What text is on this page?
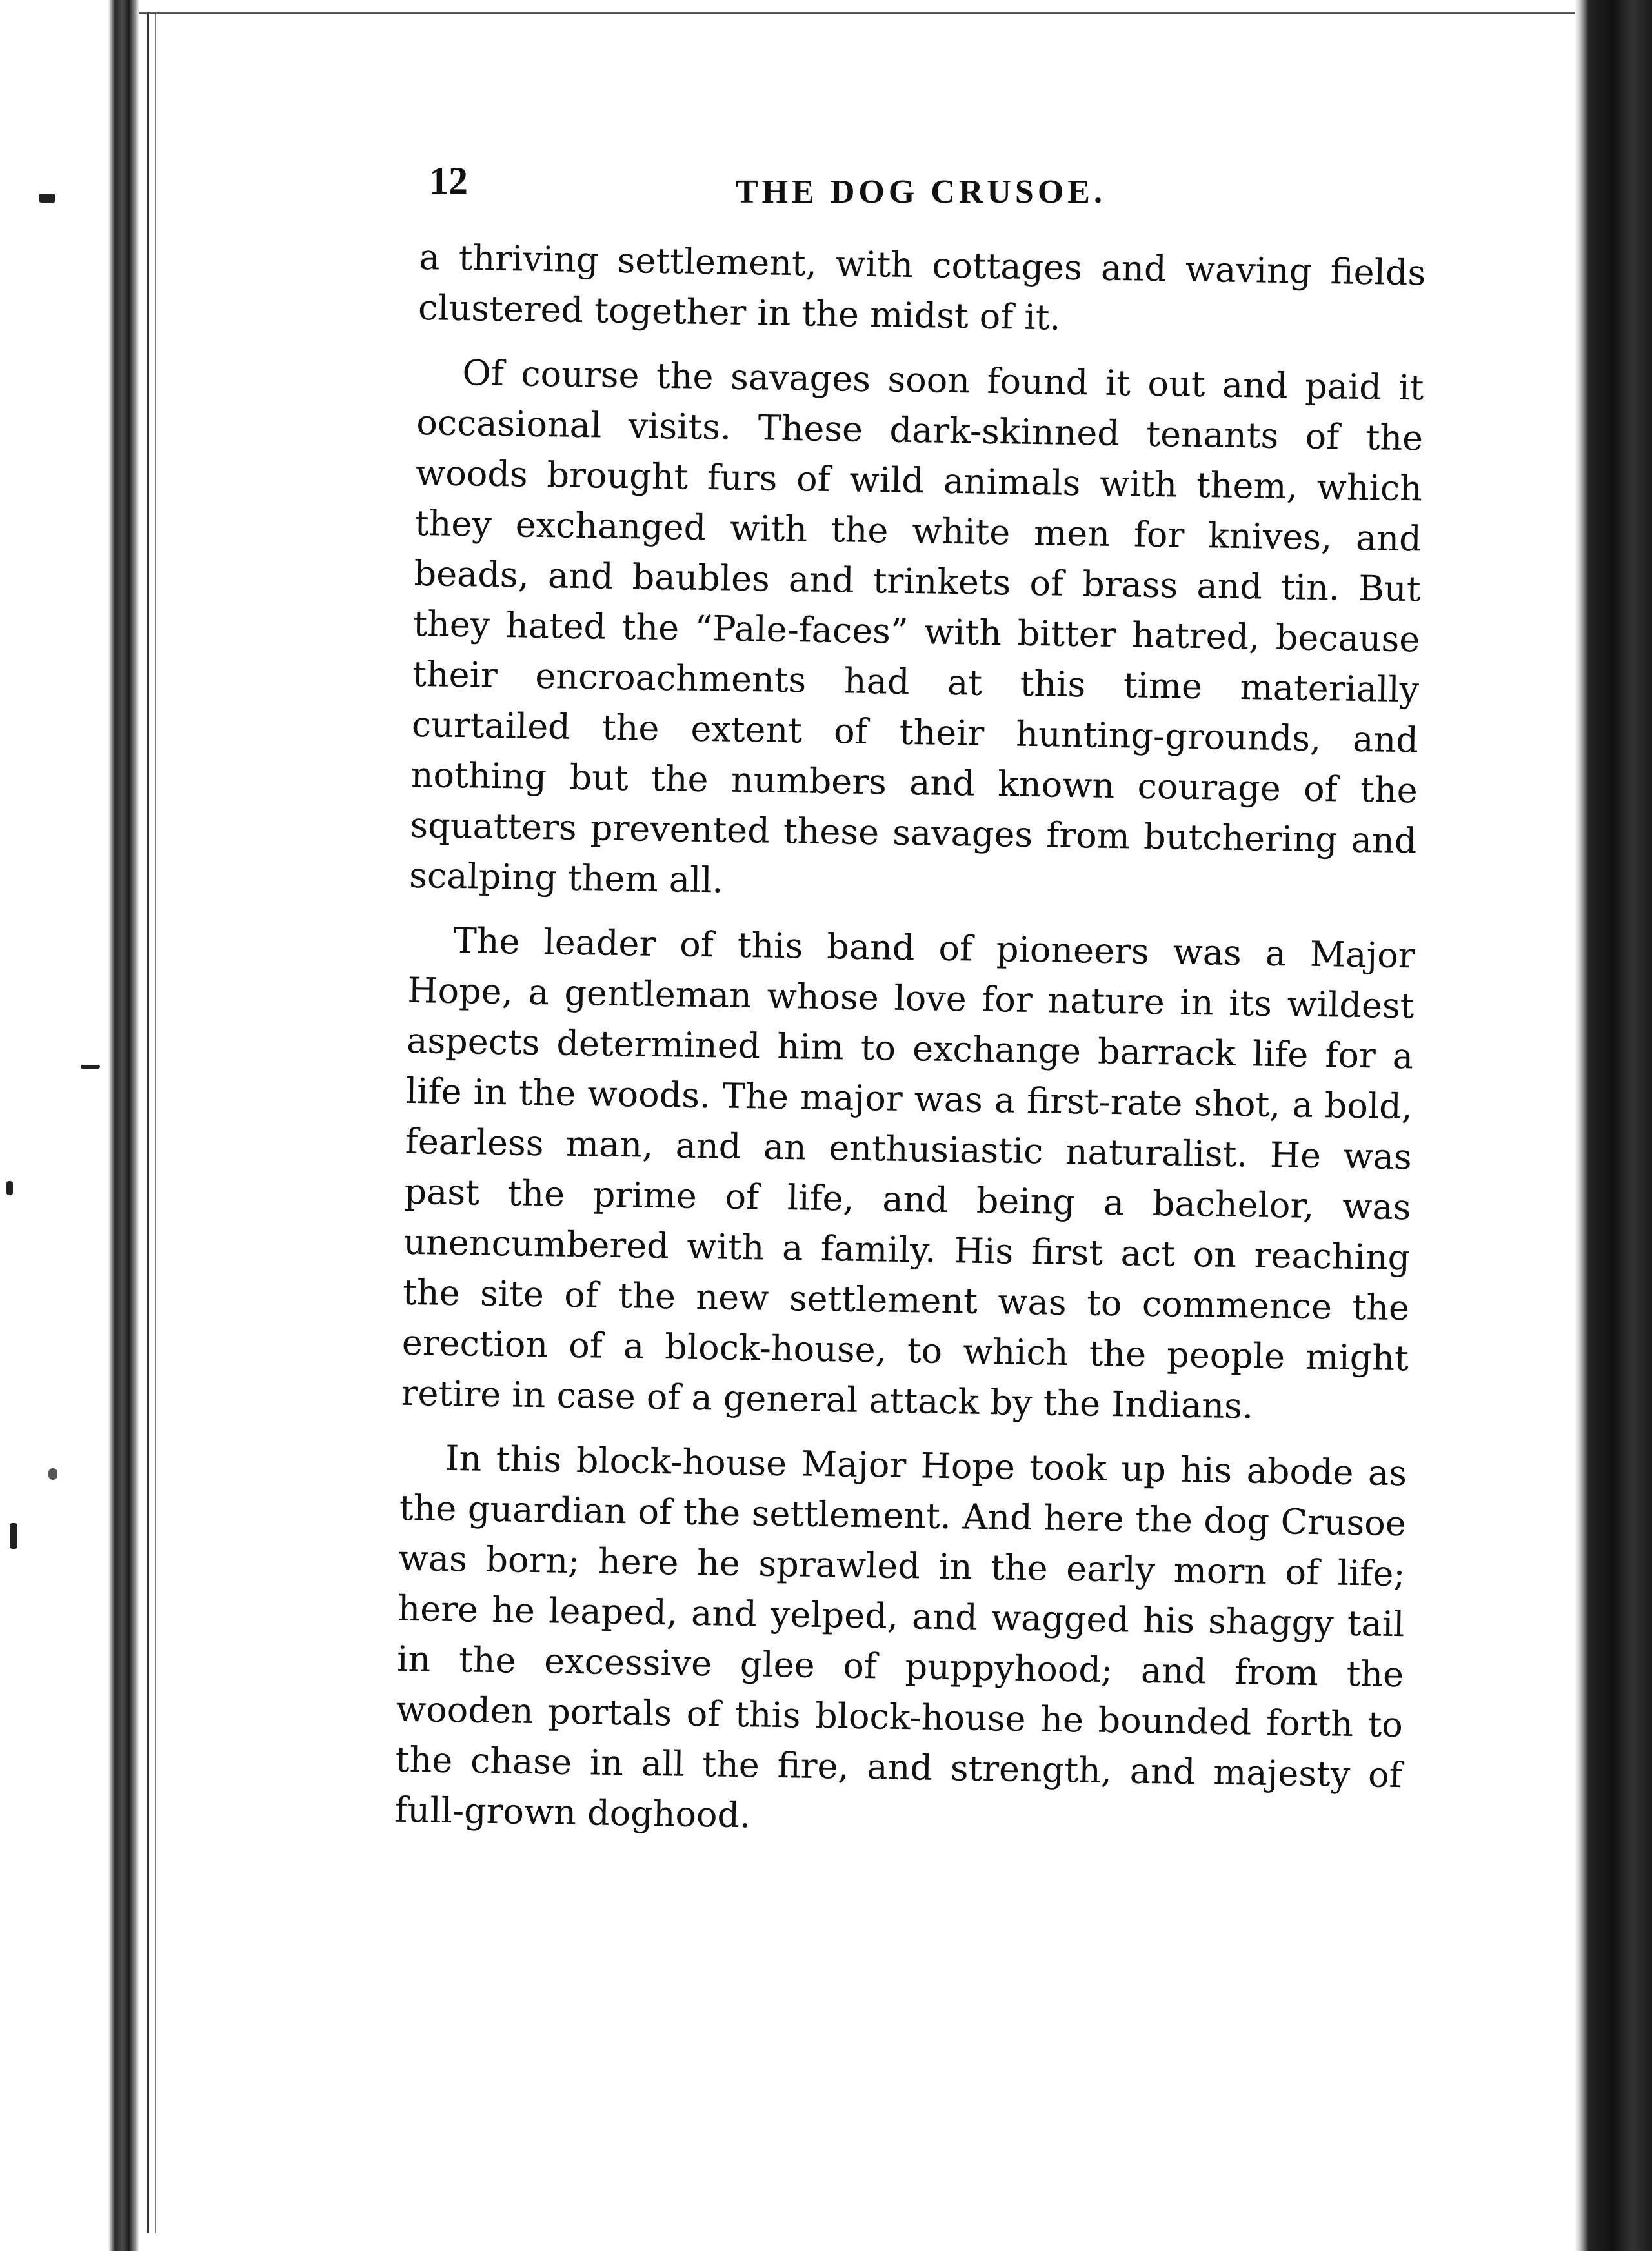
12	THE DOG CRUSOE.

a thriving settlement, with cottages and waving fields clustered together in the midst of it.

Of course the savages soon found it out and paid it occasional visits. These dark-skinned tenants of the woods brought furs of wild animals with them, which they exchanged with the white men for knives, and beads, and baubles and trinkets of brass and tin. But they hated the “Pale-faces” with bitter hatred, because their encroachments had at this time materially curtailed the extent of their hunting-grounds, and nothing but the numbers and known courage of the squatters prevented these savages from butchering and scalping them all.

The leader of this band of pioneers was a Major Hope, a gentleman whose love for nature in its wildest aspects determined him to exchange barrack life for a life in the woods. The major was a first-rate shot, a bold, fearless man, and an enthusiastic naturalist. He was past the prime of life, and being a bachelor, was unencumbered with a family. His first act on reaching the site of the new settlement was to commence the erection of a block-house, to which the people might retire in case of a general attack by the Indians.

In this block-house Major Hope took up his abode as the guardian of the settlement. And here the dog Crusoe was born; here he sprawled in the early morn of life; here he leaped, and yelped, and wagged his shaggy tail in the excessive glee of puppyhood; and from the wooden portals of this block-house he bounded forth to the chase in all the fire, and strength, and majesty of full-grown doghood.
